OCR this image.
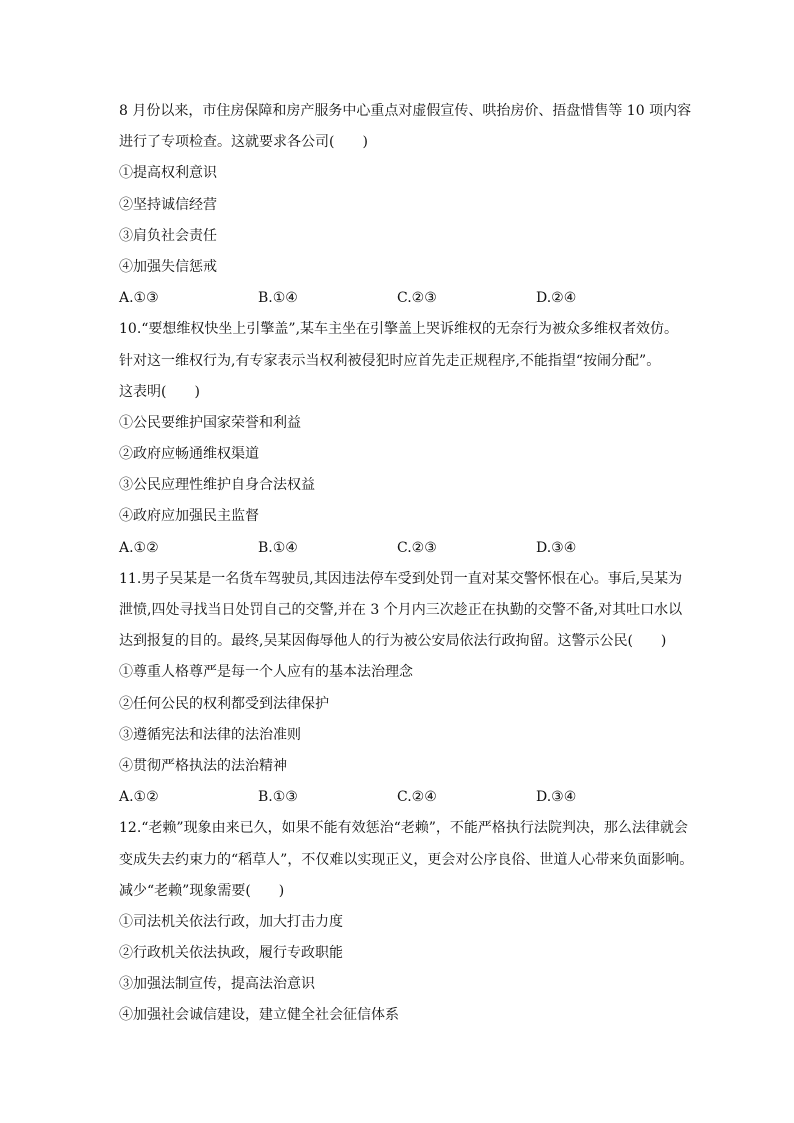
8 月份以来，市住房保障和房产服务中心重点对虚假宣传、哄抬房价、捂盘惜售等 10 项内容
进行了专项检查。这就要求各公司(　　)
①提高权利意识
②坚持诚信经营
③肩负社会责任
④加强失信惩戒
A.①③	B.①④	C.②③	D.②④
10.“要想维权快坐上引擎盖”,某车主坐在引擎盖上哭诉维权的无奈行为被众多维权者效仿。
针对这一维权行为,有专家表示当权利被侵犯时应首先走正规程序,不能指望“按闹分配”。
这表明(　　)
①公民要维护国家荣誉和利益
②政府应畅通维权渠道
③公民应理性维护自身合法权益
④政府应加强民主监督
A.①②	B.①④	C.②③	D.③④
11.男子吴某是一名货车驾驶员,其因违法停车受到处罚一直对某交警怀恨在心。事后,吴某为
泄愤,四处寻找当日处罚自己的交警,并在 3 个月内三次趁正在执勤的交警不备,对其吐口水以
达到报复的目的。最终,吴某因侮辱他人的行为被公安局依法行政拘留。这警示公民(　　)
①尊重人格尊严是每一个人应有的基本法治理念
②任何公民的权利都受到法律保护
③遵循宪法和法律的法治准则
④贯彻严格执法的法治精神
A.①②	B.①③	C.②④	D.③④
12.“老赖”现象由来已久，如果不能有效惩治“老赖”，不能严格执行法院判决，那么法律就会
变成失去约束力的“稻草人”，不仅难以实现正义，更会对公序良俗、世道人心带来负面影响。
减少“老赖”现象需要(　　)
①司法机关依法行政，加大打击力度
②行政机关依法执政，履行专政职能
③加强法制宣传，提高法治意识
④加强社会诚信建设，建立健全社会征信体系
